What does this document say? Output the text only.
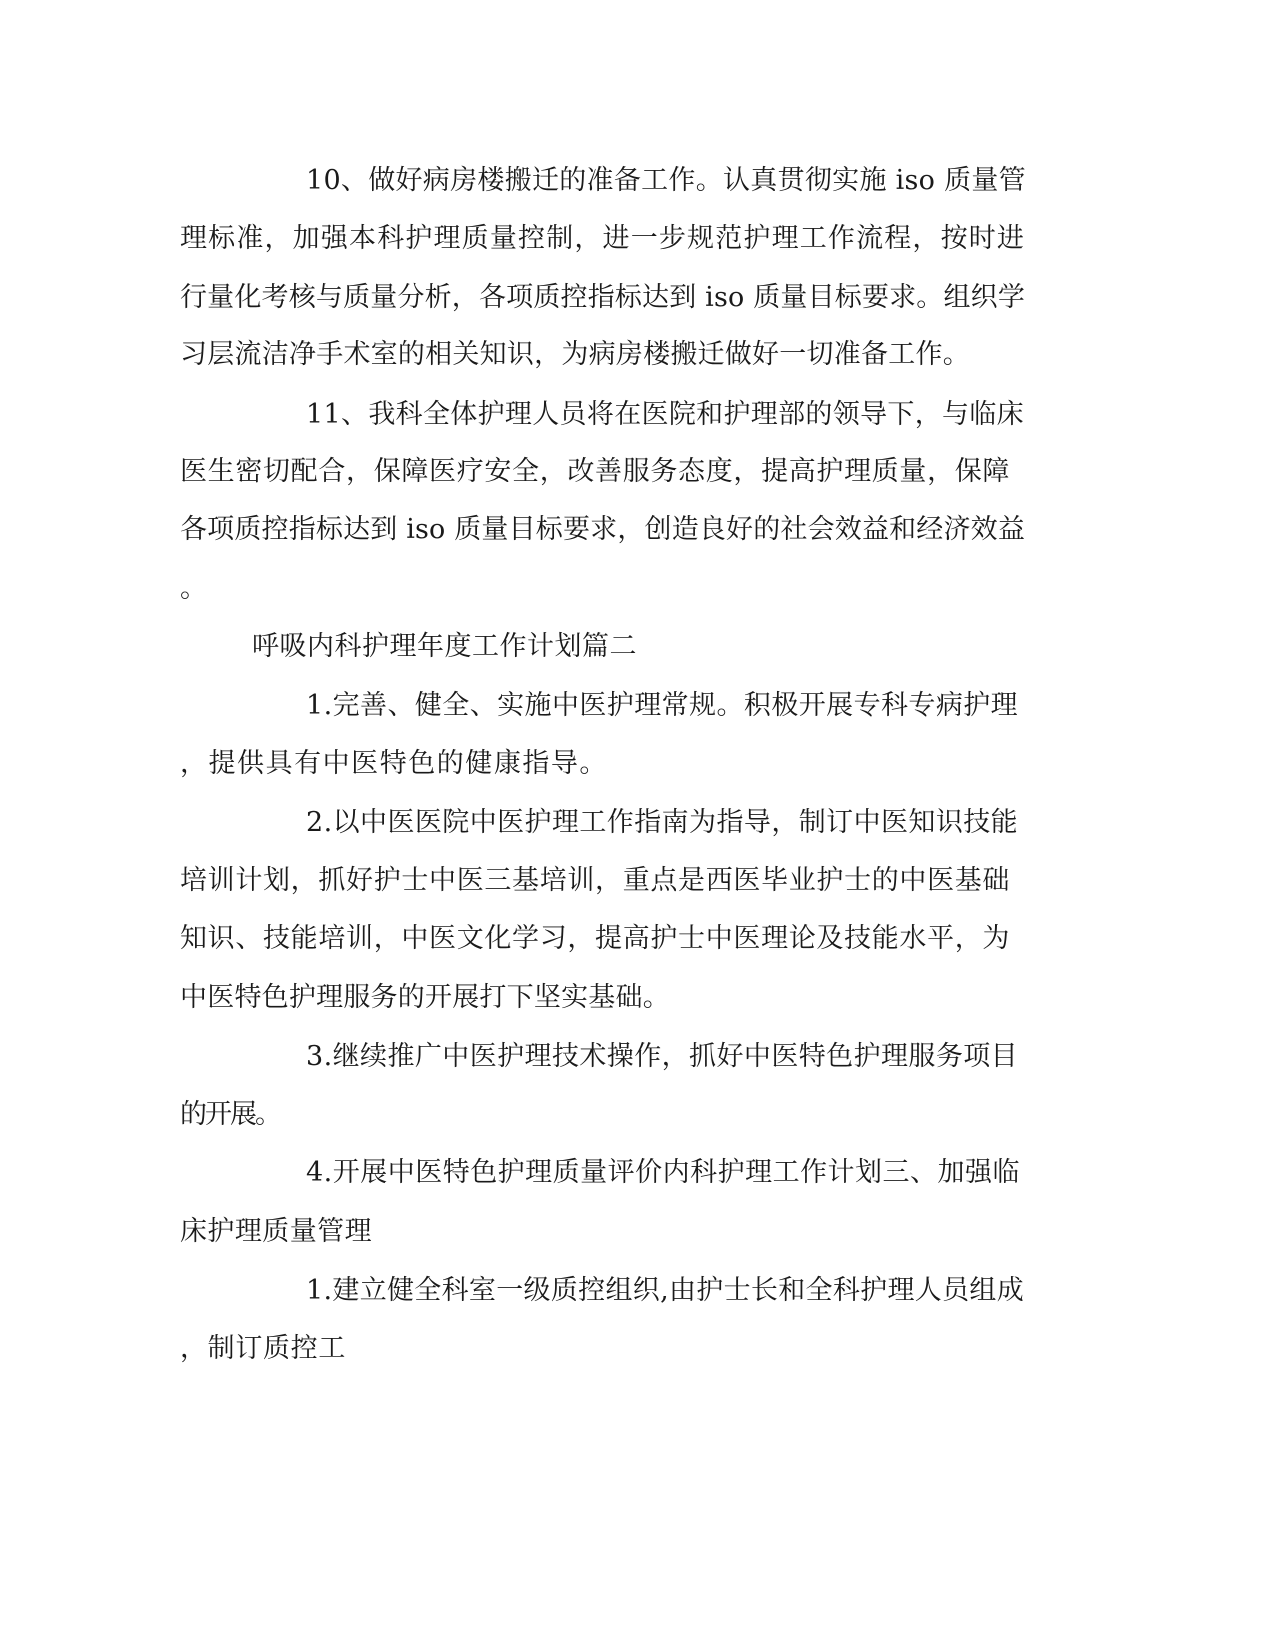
10、做好病房楼搬迁的准备工作。认真贯彻实施 iso 质量管

理标准，加强本科护理质量控制，进一步规范护理工作流程，按时进

行量化考核与质量分析，各项质控指标达到 iso 质量目标要求。组织学

习层流洁净手术室的相关知识，为病房楼搬迁做好一切准备工作。

11、我科全体护理人员将在医院和护理部的领导下，与临床

医生密切配合，保障医疗安全，改善服务态度，提高护理质量，保障

各项质控指标达到 iso 质量目标要求，创造良好的社会效益和经济效益

。

呼吸内科护理年度工作计划篇二

1.完善、健全、实施中医护理常规。积极开展专科专病护理

，提供具有中医特色的健康指导。

2.以中医医院中医护理工作指南为指导，制订中医知识技能

培训计划，抓好护士中医三基培训，重点是西医毕业护士的中医基础

知识、技能培训，中医文化学习，提高护士中医理论及技能水平，为

中医特色护理服务的开展打下坚实基础。

3.继续推广中医护理技术操作，抓好中医特色护理服务项目

的开展。

4.开展中医特色护理质量评价内科护理工作计划三、加强临

床护理质量管理

1.建立健全科室一级质控组织,由护士长和全科护理人员组成

，制订质控工
